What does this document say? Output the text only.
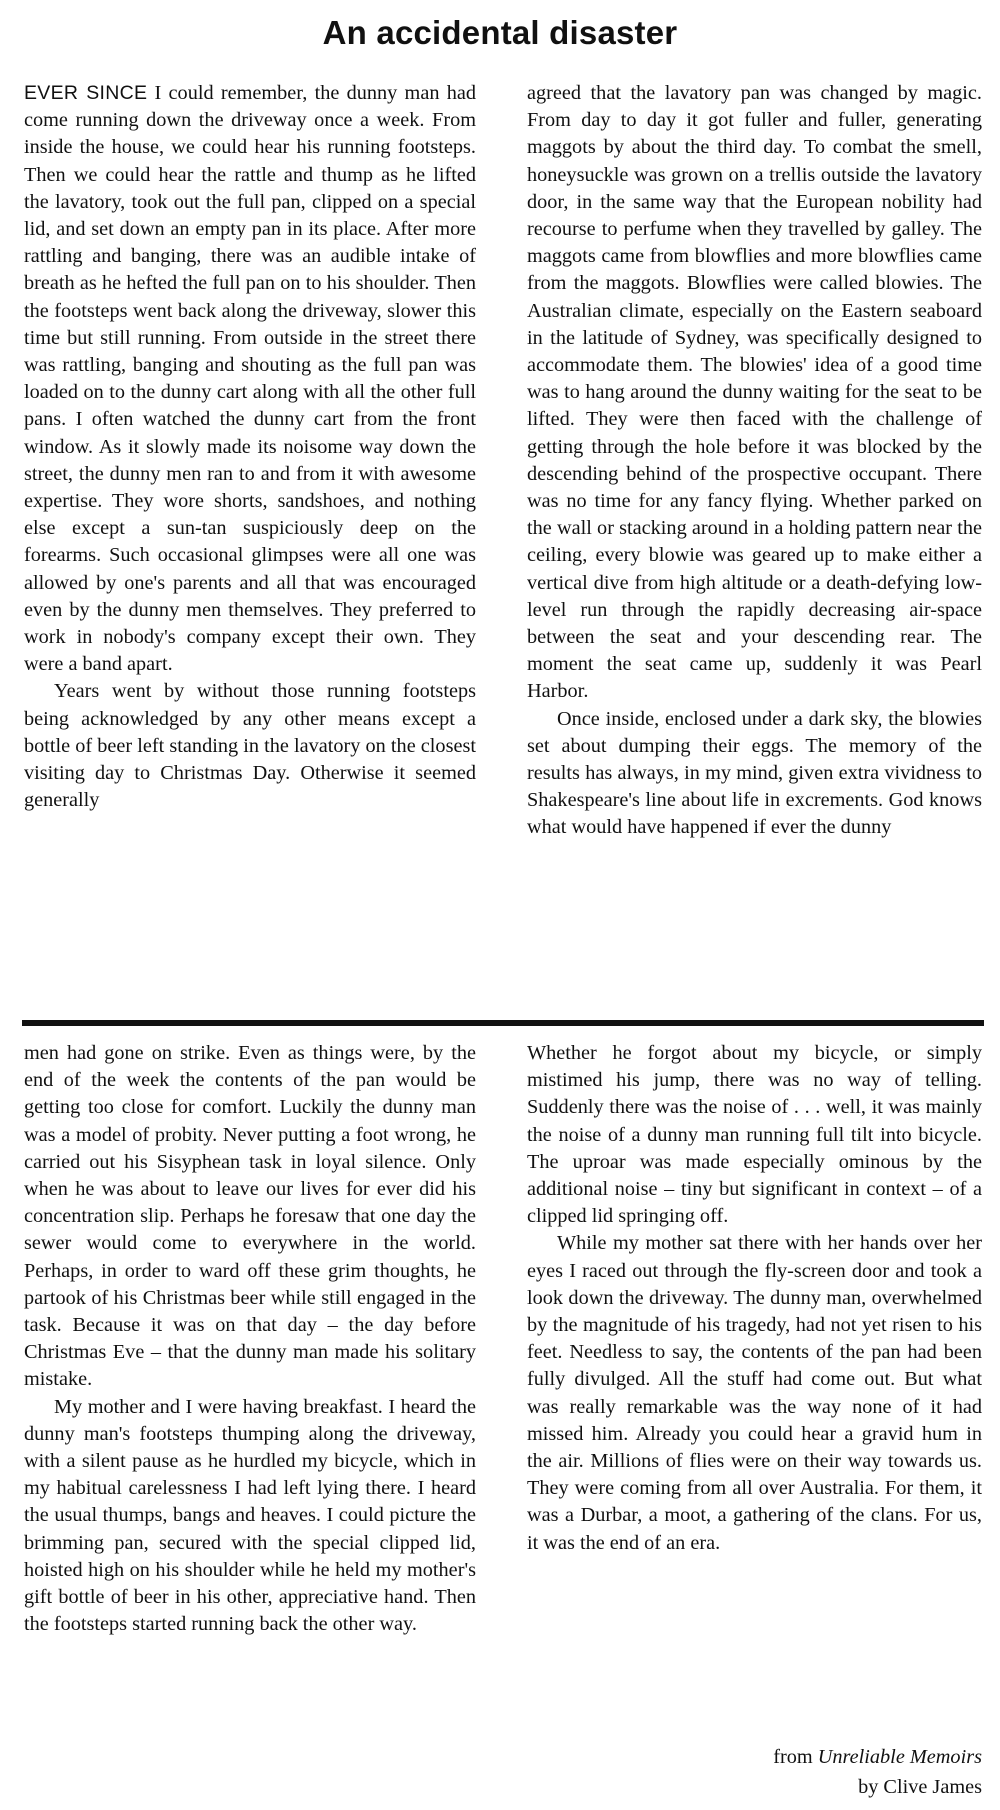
An accidental disaster

EVER SINCE I could remember, the dunny man had come running down the driveway once a week. From inside the house, we could hear his running footsteps. Then we could hear the rattle and thump as he lifted the lavatory, took out the full pan, clipped on a special lid, and set down an empty pan in its place. After more rattling and banging, there was an audible intake of breath as he hefted the full pan on to his shoulder. Then the footsteps went back along the driveway, slower this time but still running. From outside in the street there was rattling, banging and shouting as the full pan was loaded on to the dunny cart along with all the other full pans. I often watched the dunny cart from the front window. As it slowly made its noisome way down the street, the dunny men ran to and from it with awesome expertise. They wore shorts, sandshoes, and nothing else except a sun-tan suspiciously deep on the forearms. Such occasional glimpses were all one was allowed by one's parents and all that was encouraged even by the dunny men themselves. They preferred to work in nobody's company except their own. They were a band apart.

Years went by without those running footsteps being acknowledged by any other means except a bottle of beer left standing in the lavatory on the closest visiting day to Christmas Day. Otherwise it seemed generally

agreed that the lavatory pan was changed by magic. From day to day it got fuller and fuller, generating maggots by about the third day. To combat the smell, honeysuckle was grown on a trellis outside the lavatory door, in the same way that the European nobility had recourse to perfume when they travelled by galley. The maggots came from blowflies and more blowflies came from the maggots. Blowflies were called blowies. The Australian climate, especially on the Eastern seaboard in the latitude of Sydney, was specifically designed to accommodate them. The blowies' idea of a good time was to hang around the dunny waiting for the seat to be lifted. They were then faced with the challenge of getting through the hole before it was blocked by the descending behind of the prospective occupant. There was no time for any fancy flying. Whether parked on the wall or stacking around in a holding pattern near the ceiling, every blowie was geared up to make either a vertical dive from high altitude or a death-defying low-level run through the rapidly decreasing air-space between the seat and your descending rear. The moment the seat came up, suddenly it was Pearl Harbor.

Once inside, enclosed under a dark sky, the blowies set about dumping their eggs. The memory of the results has always, in my mind, given extra vividness to Shakespeare's line about life in excrements. God knows what would have happened if ever the dunny

men had gone on strike. Even as things were, by the end of the week the contents of the pan would be getting too close for comfort. Luckily the dunny man was a model of probity. Never putting a foot wrong, he carried out his Sisyphean task in loyal silence. Only when he was about to leave our lives for ever did his concentration slip. Perhaps he foresaw that one day the sewer would come to everywhere in the world. Perhaps, in order to ward off these grim thoughts, he partook of his Christmas beer while still engaged in the task. Because it was on that day – the day before Christmas Eve – that the dunny man made his solitary mistake.

My mother and I were having breakfast. I heard the dunny man's footsteps thumping along the driveway, with a silent pause as he hurdled my bicycle, which in my habitual carelessness I had left lying there. I heard the usual thumps, bangs and heaves. I could picture the brimming pan, secured with the special clipped lid, hoisted high on his shoulder while he held my mother's gift bottle of beer in his other, appreciative hand. Then the footsteps started running back the other way.

Whether he forgot about my bicycle, or simply mistimed his jump, there was no way of telling. Suddenly there was the noise of . . . well, it was mainly the noise of a dunny man running full tilt into bicycle. The uproar was made especially ominous by the additional noise – tiny but significant in context – of a clipped lid springing off.

While my mother sat there with her hands over her eyes I raced out through the fly-screen door and took a look down the driveway. The dunny man, overwhelmed by the magnitude of his tragedy, had not yet risen to his feet. Needless to say, the contents of the pan had been fully divulged. All the stuff had come out. But what was really remarkable was the way none of it had missed him. Already you could hear a gravid hum in the air. Millions of flies were on their way towards us. They were coming from all over Australia. For them, it was a Durbar, a moot, a gathering of the clans. For us, it was the end of an era.

from Unreliable Memoirs
by Clive James
